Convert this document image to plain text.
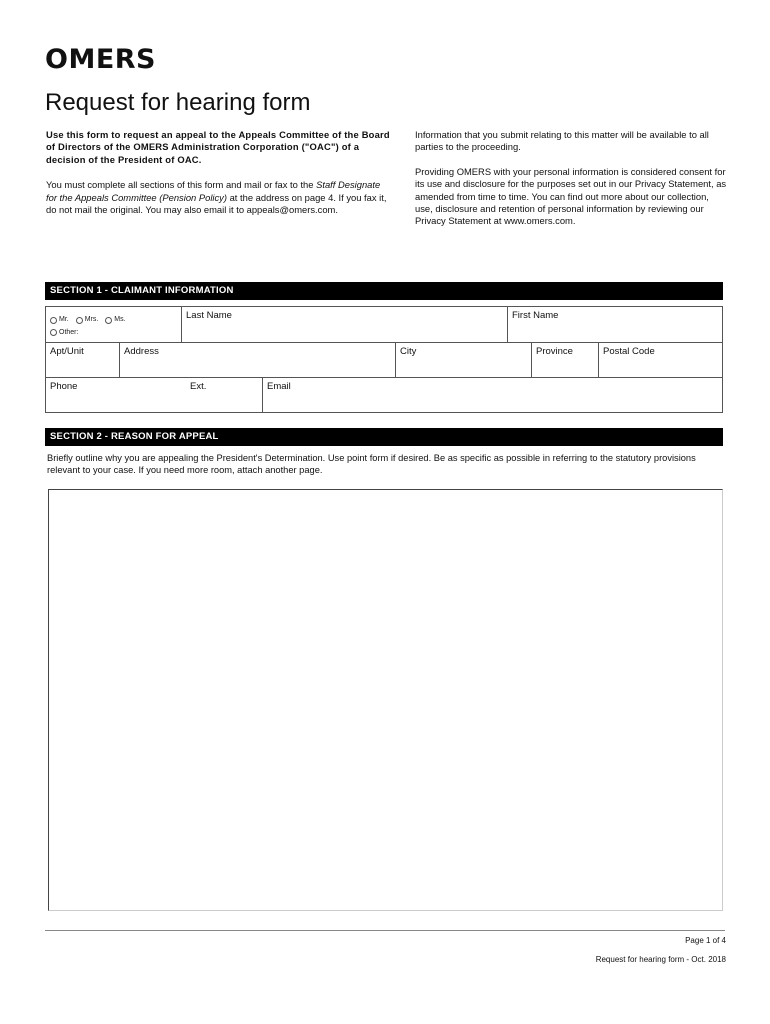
OMERS
Request for hearing form

Use this form to request an appeal to the Appeals Committee of the Board of Directors of the OMERS Administration Corporation ("OAC") of a decision of the President of OAC.

You must complete all sections of this form and mail or fax to the Staff Designate for the Appeals Committee (Pension Policy) at the address on page 4. If you fax it, do not mail the original. You may also email it to appeals@omers.com.

Information that you submit relating to this matter will be available to all parties to the proceeding.

Providing OMERS with your personal information is considered consent for its use and disclosure for the purposes set out in our Privacy Statement, as amended from time to time. You can find out more about our collection, use, disclosure and retention of personal information by reviewing our Privacy Statement at www.omers.com.

SECTION 1 - CLAIMANT INFORMATION
Mr.
Mrs.
Ms.
Other:
Last Name	First Name
Apt/Unit	Address	City	Province	Postal Code
Phone	Ext.	Email
SECTION 2 - REASON FOR APPEAL

Briefly outline why you are appealing the President's Determination. Use point form if desired. Be as specific as possible in referring to the statutory provisions relevant to your case. If you need more room, attach another page.

Page 1 of 4
Request for hearing form - Oct. 2018
